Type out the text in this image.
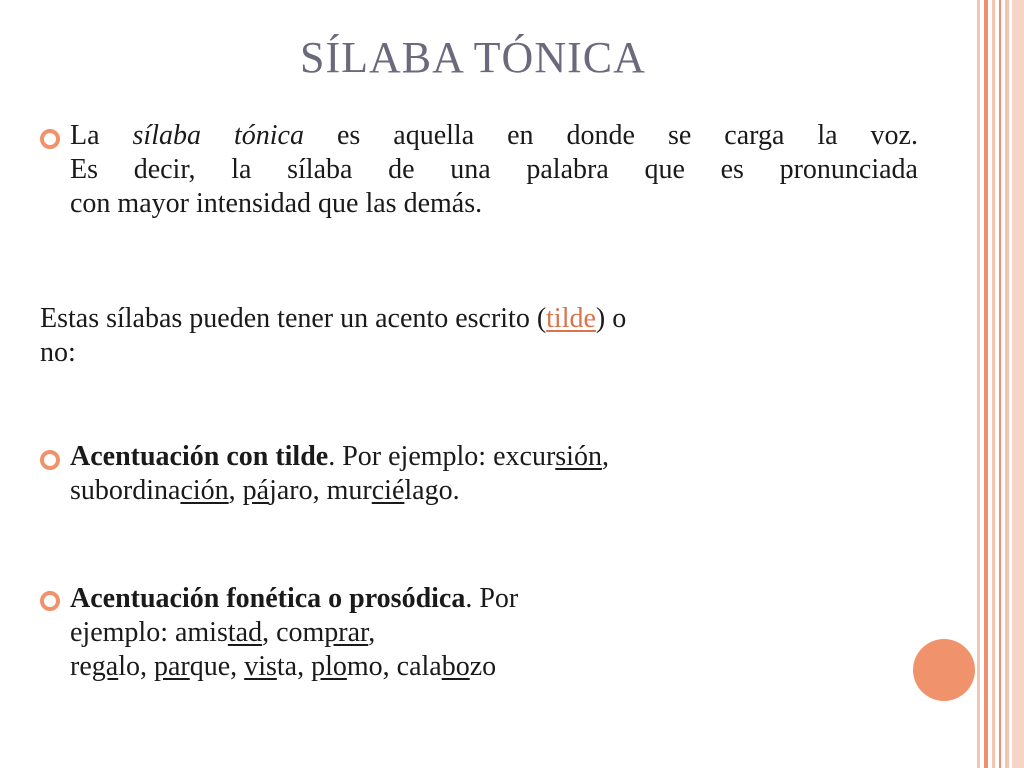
SÍLABA TÓNICA
La sílaba tónica es aquella en donde se carga la voz.
Es decir, la sílaba de una palabra que es pronunciada
con mayor intensidad que las demás.
Estas sílabas pueden tener un acento escrito (tilde) o
no:
Acentuación con tilde. Por ejemplo: excursión,
subordinación, pájaro, murciélago.
Acentuación fonética o prosódica. Por
ejemplo: amistad, comprar,
regalo, parque, vista, plomo, calabozo
